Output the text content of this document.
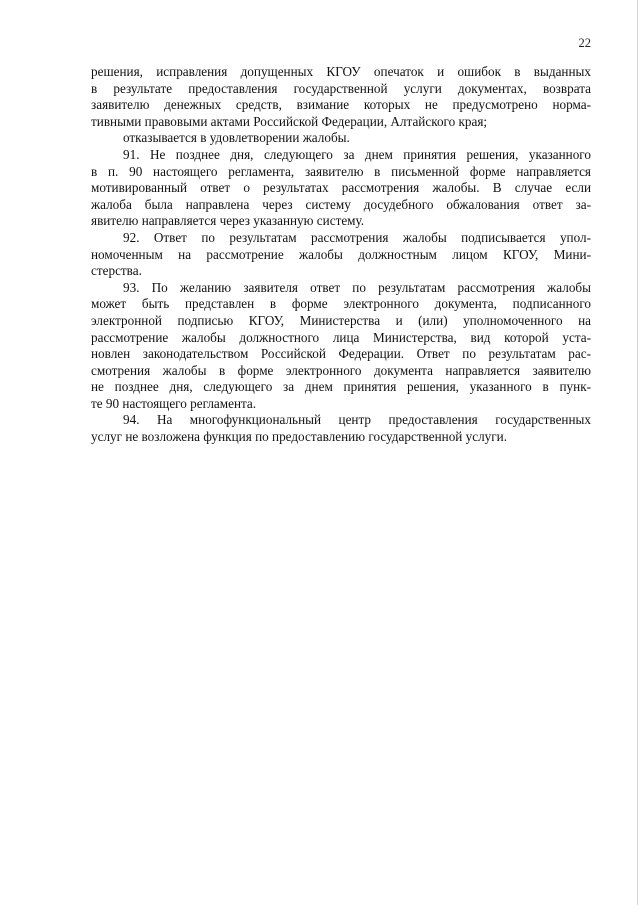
22
решения, исправления допущенных КГОУ опечаток и ошибок в выданных
в результате предоставления государственной услуги документах, возврата
заявителю денежных средств, взимание которых не предусмотрено норма-
тивными правовыми актами Российской Федерации, Алтайского края;
отказывается в удовлетворении жалобы.
91. Не позднее дня, следующего за днем принятия решения, указанного
в п. 90 настоящего регламента, заявителю в письменной форме направляется
мотивированный ответ о результатах рассмотрения жалобы. В случае если
жалоба была направлена через систему досудебного обжалования ответ за-
явителю направляется через указанную систему.
92. Ответ по результатам рассмотрения жалобы подписывается упол-
номоченным на рассмотрение жалобы должностным лицом КГОУ, Мини-
стерства.
93. По желанию заявителя ответ по результатам рассмотрения жалобы
может быть представлен в форме электронного документа, подписанного
электронной подписью КГОУ, Министерства и (или) уполномоченного на
рассмотрение жалобы должностного лица Министерства, вид которой уста-
новлен законодательством Российской Федерации. Ответ по результатам рас-
смотрения жалобы в форме электронного документа направляется заявителю
не позднее дня, следующего за днем принятия решения, указанного в пунк-
те 90 настоящего регламента.
94. На многофункциональный центр предоставления государственных
услуг не возложена функция по предоставлению государственной услуги.
